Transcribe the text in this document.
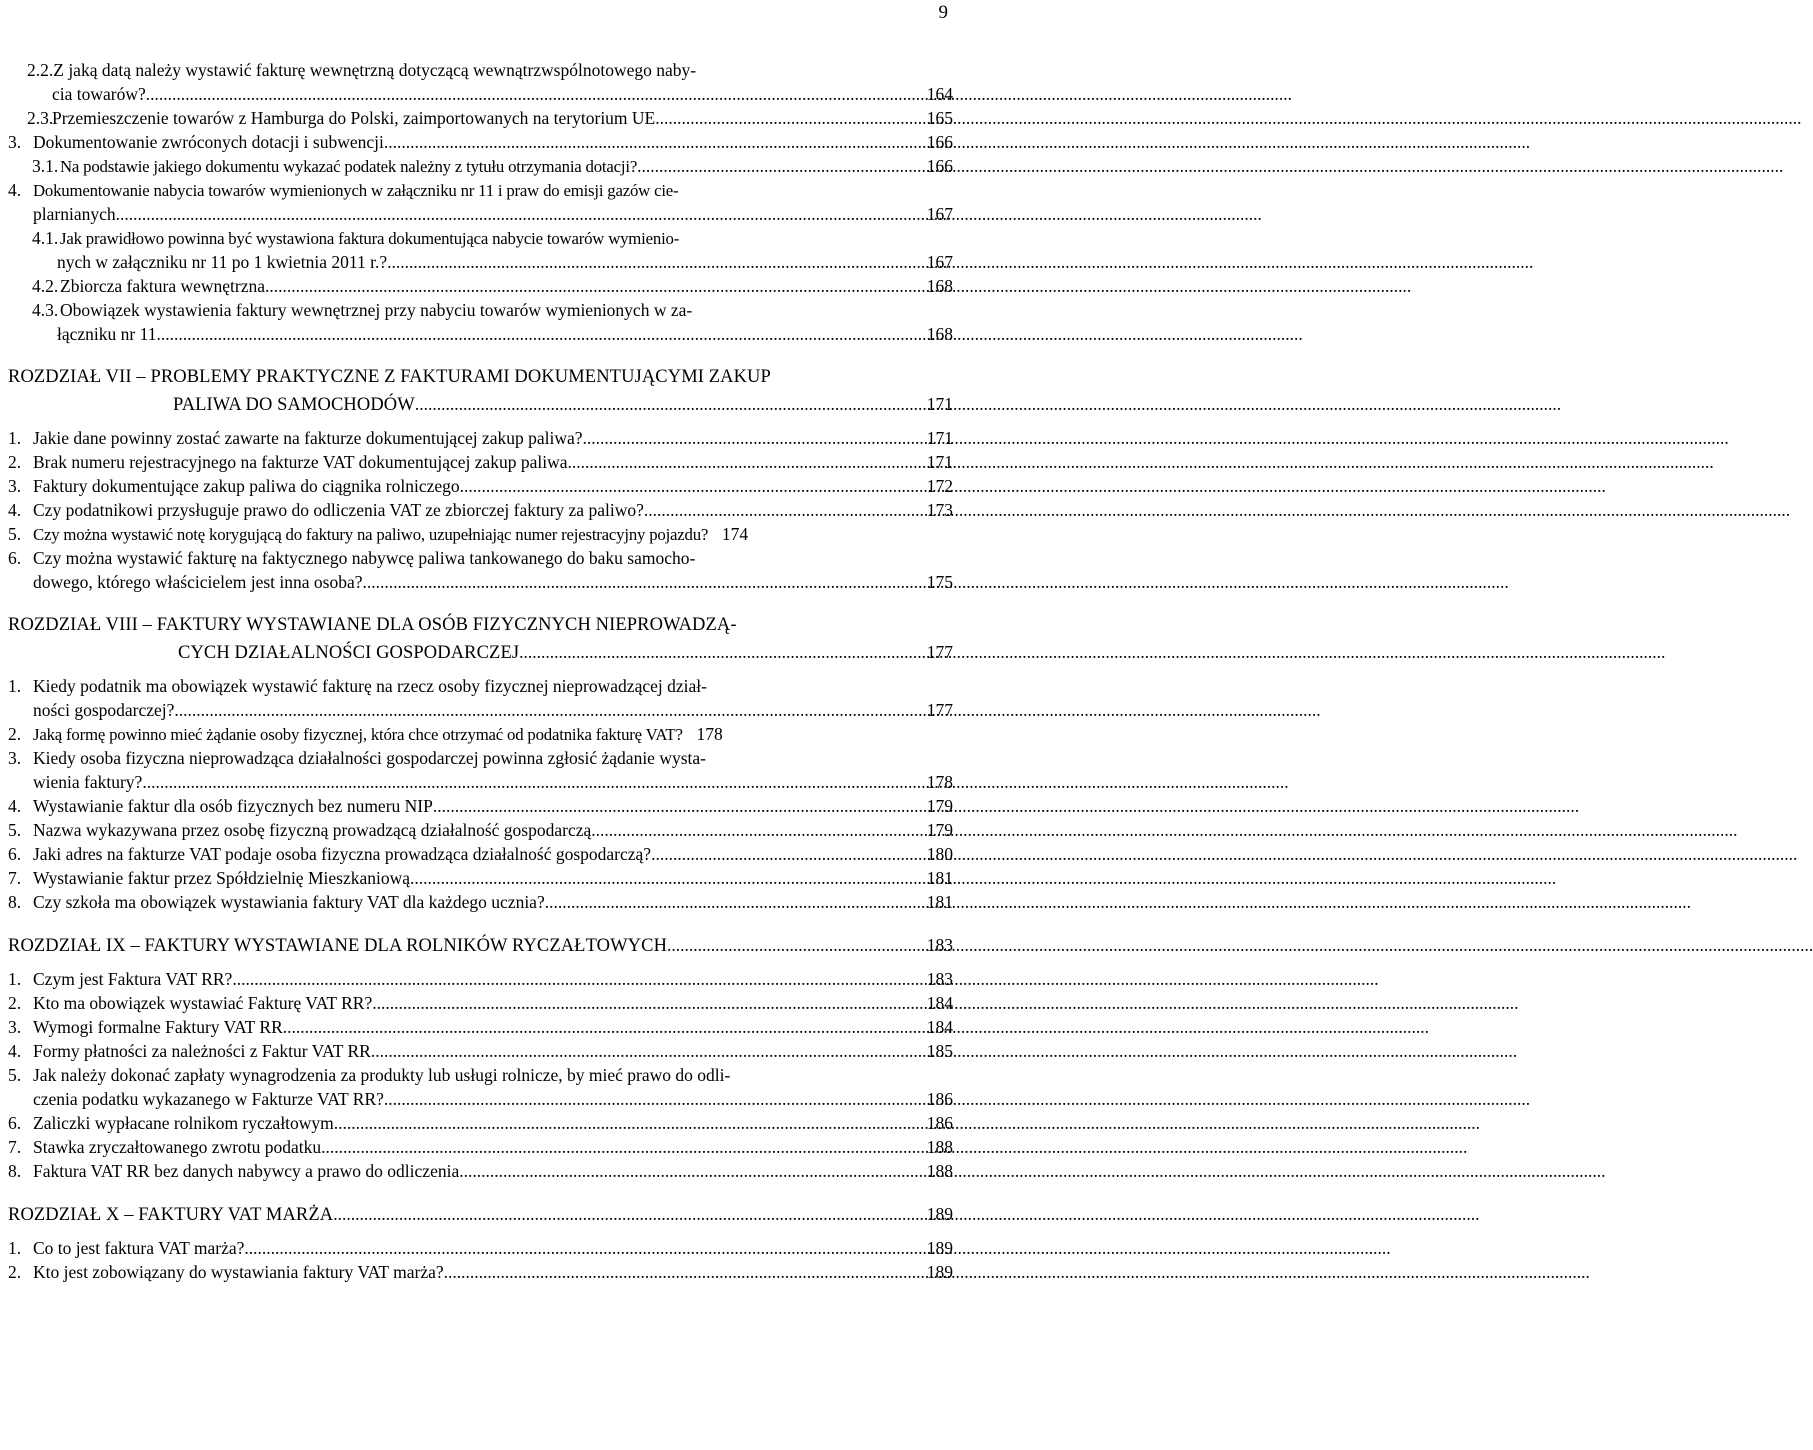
9
2.2. Z jaką datą należy wystawić fakturę wewnętrzną dotyczącą wewnątrzwspólnotowego naby-
cia towarów? .....	164
2.3.
Przemieszczenie towarów z Hamburga do Polski, zaimportowanych na terytorium UE .....	165
3. Dokumentowanie zwróconych dotacji i subwencji .....	166
3.1. Na podstawie jakiego dokumentu wykazać podatek należny z tytułu otrzymania dotacji? .....	166
4. Dokumentowanie nabycia towarów wymienionych w załączniku nr 11 i praw do emisji gazów cie-
plarnianych .....	167
4.1. Jak prawidłowo powinna być wystawiona faktura dokumentująca nabycie towarów wymienio-
nych w załączniku nr 11 po 1 kwietnia 2011 r.? .....	167
4.2. Zbiorcza faktura wewnętrzna .....	168
4.3. Obowiązek wystawienia faktury wewnętrznej przy nabyciu towarów wymienionych w za-
łączniku nr 11 .....	168
ROZDZIAŁ VII – PROBLEMY PRAKTYCZNE Z FAKTURAMI DOKUMENTUJĄCYMI ZAKUP
PALIWA DO SAMOCHODÓW .....	171
1. Jakie dane powinny zostać zawarte na fakturze dokumentującej zakup paliwa? .....	171
2. Brak numeru rejestracyjnego na fakturze VAT dokumentującej zakup paliwa .....	171
3. Faktury dokumentujące zakup paliwa do ciągnika rolniczego .....	172
4. Czy podatnikowi przysługuje prawo do odliczenia VAT ze zbiorczej faktury za paliwo? .....	173
5. Czy można wystawić notę korygującą do faktury na paliwo, uzupełniając numer rejestracyjny pojazdu? 174
6. Czy można wystawić fakturę na faktycznego nabywcę paliwa tankowanego do baku samocho-
dowego, którego właścicielem jest inna osoba? .....	175
ROZDZIAŁ VIII – FAKTURY WYSTAWIANE DLA OSÓB FIZYCZNYCH NIEPROWADZĄ-
CYCH DZIAŁALNOŚCI GOSPODARCZEJ .....	177
1. Kiedy podatnik ma obowiązek wystawić fakturę na rzecz osoby fizycznej nieprowadzącej dział-
ności gospodarczej? .....	177
2. Jaką formę powinno mieć żądanie osoby fizycznej, która chce otrzymać od podatnika fakturę VAT? 178
3. Kiedy osoba fizyczna nieprowadząca działalności gospodarczej powinna zgłosić żądanie wysta-
wienia faktury? .....	178
4. Wystawianie faktur dla osób fizycznych bez numeru NIP .....	179
5. Nazwa wykazywana przez osobę fizyczną prowadzącą działalność gospodarczą .....	179
6. Jaki adres na fakturze VAT podaje osoba fizyczna prowadząca działalność gospodarczą? .....	180
7. Wystawianie faktur przez Spółdzielnię Mieszkaniową .....	181
8. Czy szkoła ma obowiązek wystawiania faktury VAT dla każdego uczniа? .....	181
ROZDZIAŁ IX – FAKTURY WYSTAWIANE DLA ROLNIKÓW RYCZAŁTOWYCH .....	183
1. Czym jest Faktura VAT RR? .....	183
2. Kto ma obowiązek wystawiać Fakturę VAT RR? .....	184
3. Wymogi formalne Faktury VAT RR .....	184
4. Formy płatności za należności z Faktur VAT RR .....	185
5. Jak należy dokonać zapłaty wynagrodzenia za produkty lub usługi rolnicze, by mieć prawo do odli-
czenia podatku wykazanego w Fakturze VAT RR? .....	186
6. Zaliczki wypłacane rolnikom ryczałtowym .....	186
7. Stawka zryczałtowanego zwrotu podatku .....	188
8. Faktura VAT RR bez danych nabywcy a prawo do odliczenia .....	188
ROZDZIAŁ X – FAKTURY VAT MARŻA .....	189
1. Co to jest faktura VAT marża? .....	189
2. Kto jest zobowiązany do wystawiania faktury VAT marża? .....	189
